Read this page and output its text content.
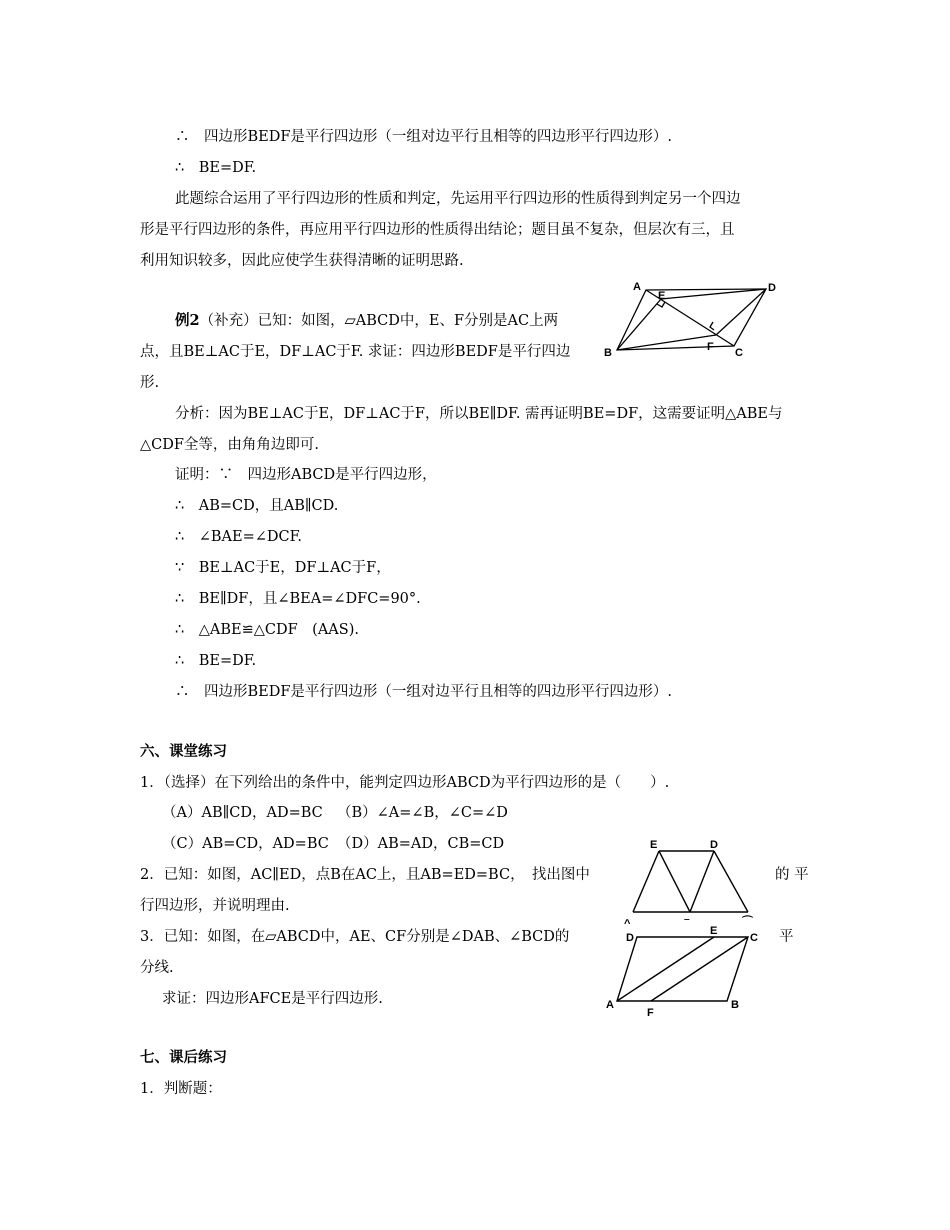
∴　四边形BEDF是平行四边形（一组对边平行且相等的四边形平行四边形）.
∴　BE=DF.
此题综合运用了平行四边形的性质和判定，先运用平行四边形的性质得到判定另一个四边
形是平行四边形的条件，再应用平行四边形的性质得出结论；题目虽不复杂，但层次有三，且
利用知识较多，因此应使学生获得清晰的证明思路.
例2（补充）已知：如图，▱ABCD中，E、F分别是AC上两
点，且BE⊥AC于E，DF⊥AC于F. 求证：四边形BEDF是平行四边
形.
A
B	C
D
E
F
分析：因为BE⊥AC于E，DF⊥AC于F，所以BE∥DF. 需再证明BE=DF，这需要证明△ABE与
△CDF全等，由角角边即可.
证明：∵　四边形ABCD是平行四边形，
∴　AB=CD，且AB∥CD.
∴　∠BAE=∠DCF.
∵　BE⊥AC于E，DF⊥AC于F，
∴　BE∥DF，且∠BEA=∠DFC=90°.
∴　△ABE≌△CDF　(AAS).
∴　BE=DF.
∴　四边形BEDF是平行四边形（一组对边平行且相等的四边形平行四边形）.
六、课堂练习
1．（选择）在下列给出的条件中，能判定四边形ABCD为平行四边形的是（　　）.
（A）AB∥CD，AD=BC （B）∠A=∠B，∠C=∠D
（C）AB=CD，AD=BC （D）AB=AD，CB=CD
2．已知：如图，AC∥ED，点B在AC上，且AB=ED=BC，　找出图中	的 平
行四边形，并说明理由.
E	D
^	‾	⌒
3．已知：如图，在▱ABCD中，AE、CF分别是∠DAB、∠BCD的	平
分线.
求证：四边形AFCE是平行四边形.
D
E
C
A
F
B
七、课后练习
1．判断题：
